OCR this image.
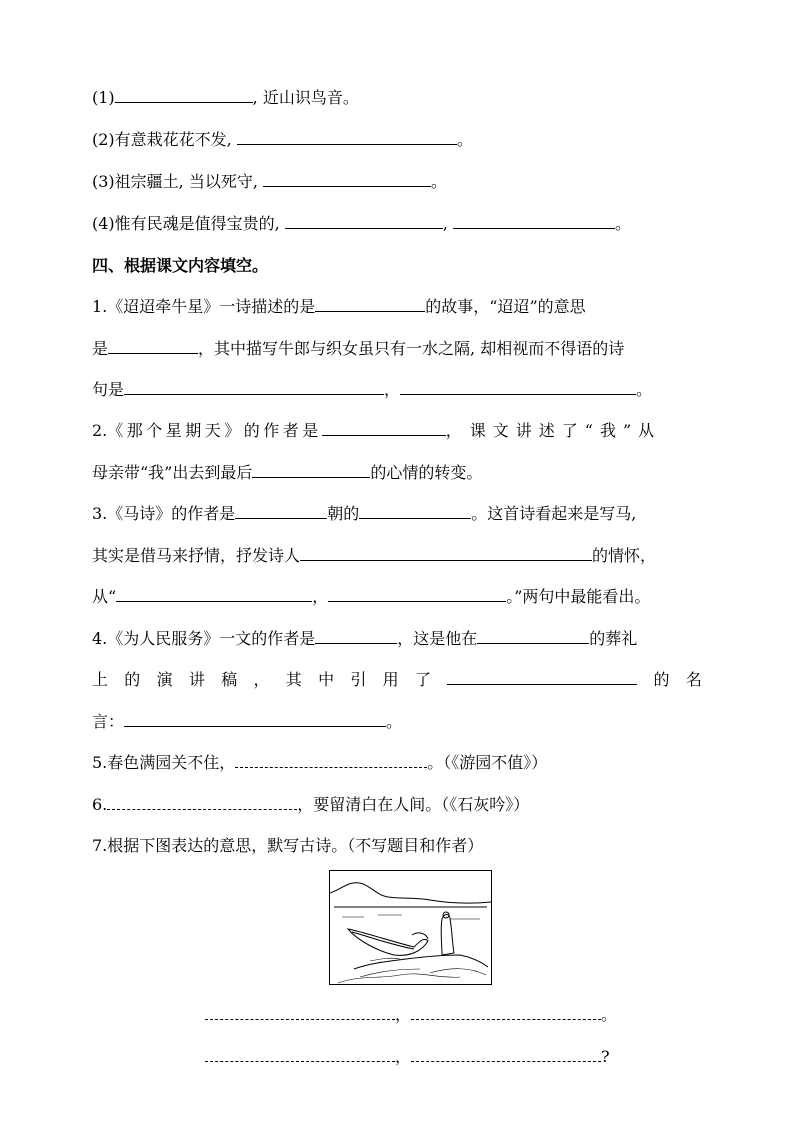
(1)	, 近山识鸟音。
(2)有意栽花花不发,	。
(3)祖宗疆土, 当以死守,	。
(4)惟有民魂是值得宝贵的,	,	。
四、根据课文内容填空。
1.《迢迢牵牛星》一诗描述的是	的故事，“迢迢”的意思
是	，其中描写牛郎与织女虽只有一水之隔, 却相视而不得语的诗
句是	，	。
2.《那个星期天》的作者是	， 课文讲述了“我”从
母亲带“我”出去到最后	的心情的转变。
3.《马诗》的作者是	朝的	。这首诗看起来是写马,
其实是借马来抒情，抒发诗人	的情怀，
从“	，	。”两句中最能看出。
4.《为人民服务》一文的作者是	，这是他在	的葬礼
上 的 演 讲 稿 ， 其 中 引 用 了	的 名
言：	。
5.春色满园关不住，	。（《游园不值》）
6.	，要留清白在人间。（《石灰吟》）
7.根据下图表达的意思，默写古诗。（不写题目和作者）
，	。
，	?
